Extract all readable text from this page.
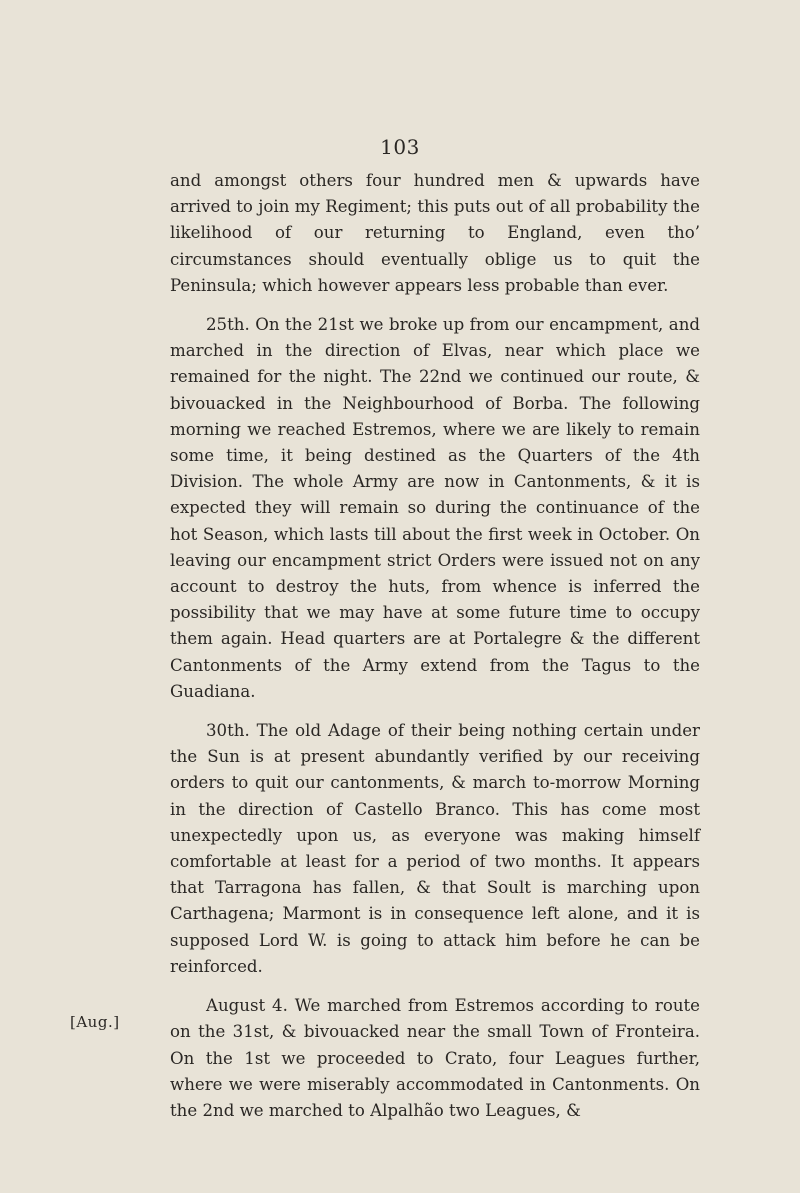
103
[Aug.]

and amongst others four hundred men & upwards have arrived to join my Regiment; this puts out of all probability the likelihood of our returning to England, even tho’ circumstances should eventually oblige us to quit the Peninsula; which however appears less probable than ever.

25th. On the 21st we broke up from our encampment, and marched in the direction of Elvas, near which place we remained for the night. The 22nd we continued our route, & bivouacked in the Neighbourhood of Borba. The following morning we reached Estremos, where we are likely to remain some time, it being destined as the Quarters of the 4th Division. The whole Army are now in Cantonments, & it is expected they will remain so during the continuance of the hot Season, which lasts till about the first week in October. On leaving our encampment strict Orders were issued not on any account to destroy the huts, from whence is inferred the possibility that we may have at some future time to occupy them again. Head quarters are at Portalegre & the different Cantonments of the Army extend from the Tagus to the Guadiana.

30th. The old Adage of their being nothing certain under the Sun is at present abundantly verified by our receiving orders to quit our cantonments, & march to-morrow Morning in the direction of Castello Branco. This has come most unexpectedly upon us, as everyone was making himself comfortable at least for a period of two months. It appears that Tarragona has fallen, & that Soult is marching upon Carthagena; Marmont is in consequence left alone, and it is supposed Lord W. is going to attack him before he can be reinforced.

August 4. We marched from Estremos according to route on the 31st, & bivouacked near the small Town of Fronteira. On the 1st we proceeded to Crato, four Leagues further, where we were miserably accommodated in Cantonments. On the 2nd we marched to Alpalhão two Leagues, &
